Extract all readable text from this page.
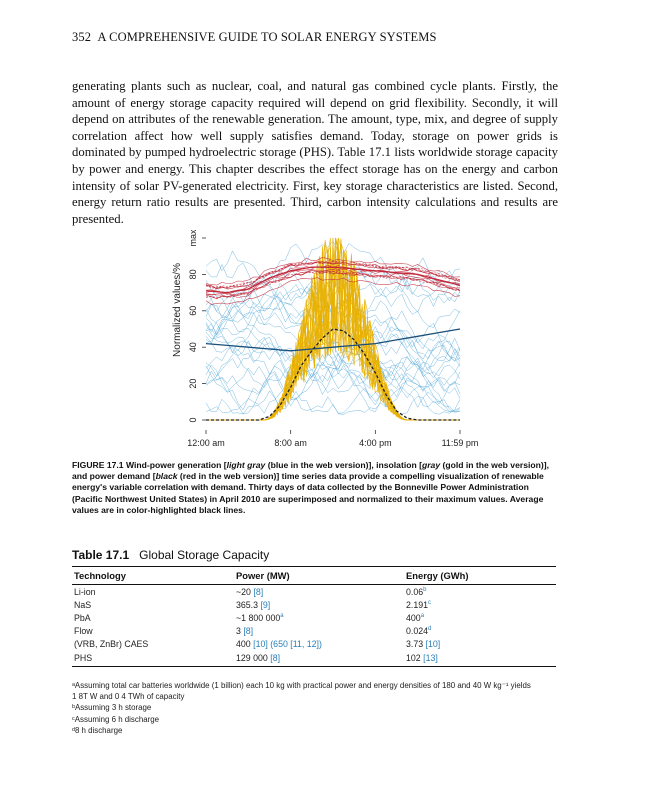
352 A COMPREHENSIVE GUIDE TO SOLAR ENERGY SYSTEMS
generating plants such as nuclear, coal, and natural gas combined cycle plants. Firstly, the amount of energy storage capacity required will depend on grid flexibility. Secondly, it will depend on attributes of the renewable generation. The amount, type, mix, and degree of supply correlation affect how well supply satisfies demand. Today, storage on power grids is dominated by pumped hydroelectric storage (PHS). Table 17.1 lists worldwide storage capacity by power and energy. This chapter describes the effect storage has on the energy and carbon intensity of solar PV-generated electricity. First, key storage characteristics are listed. Second, energy return ratio results are presented. Third, carbon intensity calculations and results are presented.
Normalized values/%
0
20
40
60
80
max
12:00 am	8:00 am	4:00 pm	11:59 pm
FIGURE 17.1 Wind-power generation [light gray (blue in the web version)], insolation [gray (gold in the web version)], and power demand [black (red in the web version)] time series data provide a compelling visualization of renewable energy's variable correlation with demand. Thirty days of data collected by the Bonneville Power Administration (Pacific Northwest United States) in April 2010 are superimposed and normalized to their maximum values. Average values are in color-highlighted black lines.
Table 17.1 Global Storage Capacity
Technology	Power (MW)	Energy (GWh)
Li-ion	~20 [8]	0.06$^b$
NaS	365.3 [9]	2.191$^c$
PbA	~1 800 000$^a$	400$^a$
Flow	3 [8]	0.024$^d$
(VRB, ZnBr) CAES	400 [10] (650 [11, 12])	3.73 [10]
PHS	129 000 [8]	102 [13]
ᵃAssuming total car batteries worldwide (1 billion) each 10 kg with practical power and energy densities of 180 and 40 W kg⁻¹ yields
1 8T W and 0 4 TWh of capacity
ᵇAssuming 3 h storage
ᶜAssuming 6 h discharge
ᵈ8 h discharge
